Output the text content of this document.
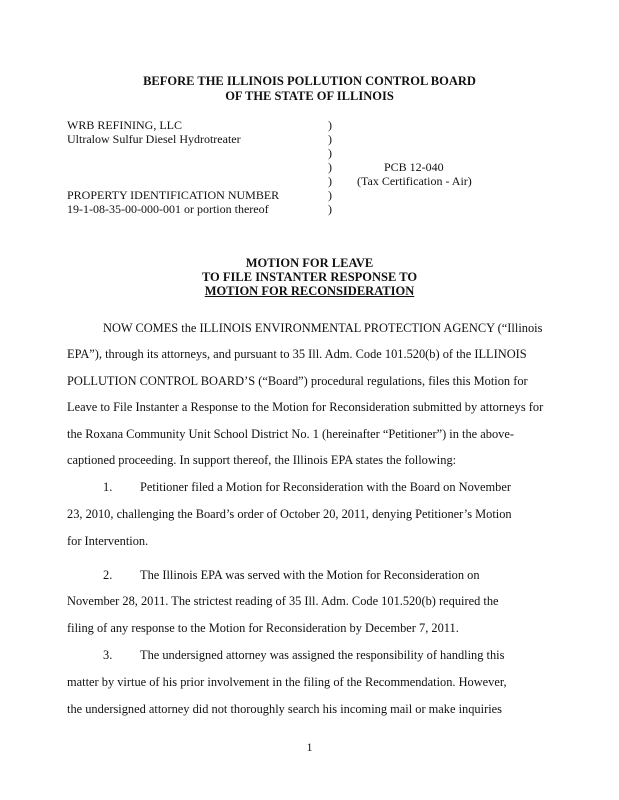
BEFORE THE ILLINOIS POLLUTION CONTROL BOARD
OF THE STATE OF ILLINOIS
WRB REFINING, LLC
Ultralow Sulfur Diesel Hydrotreater
PROPERTY IDENTIFICATION NUMBER
19-1-08-35-00-000-001 or portion thereof
)
)
)
)
)
)
)
PCB 12-040
(Tax Certification - Air)
MOTION FOR LEAVE
TO FILE INSTANTER RESPONSE TO
MOTION FOR RECONSIDERATION
NOW COMES the ILLINOIS ENVIRONMENTAL PROTECTION AGENCY (“Illinois
EPA”), through its attorneys, and pursuant to 35 Ill. Adm. Code 101.520(b) of the ILLINOIS
POLLUTION CONTROL BOARD’S (“Board”) procedural regulations, files this Motion for
Leave to File Instanter a Response to the Motion for Reconsideration submitted by attorneys for
the Roxana Community Unit School District No. 1 (hereinafter “Petitioner”) in the above-
captioned proceeding. In support thereof, the Illinois EPA states the following:
1. Petitioner filed a Motion for Reconsideration with the Board on November
23, 2010, challenging the Board’s order of October 20, 2011, denying Petitioner’s Motion
for Intervention.
2. The Illinois EPA was served with the Motion for Reconsideration on
November 28, 2011. The strictest reading of 35 Ill. Adm. Code 101.520(b) required the
filing of any response to the Motion for Reconsideration by December 7, 2011.
3. The undersigned attorney was assigned the responsibility of handling this
matter by virtue of his prior involvement in the filing of the Recommendation. However,
the undersigned attorney did not thoroughly search his incoming mail or make inquiries
1
